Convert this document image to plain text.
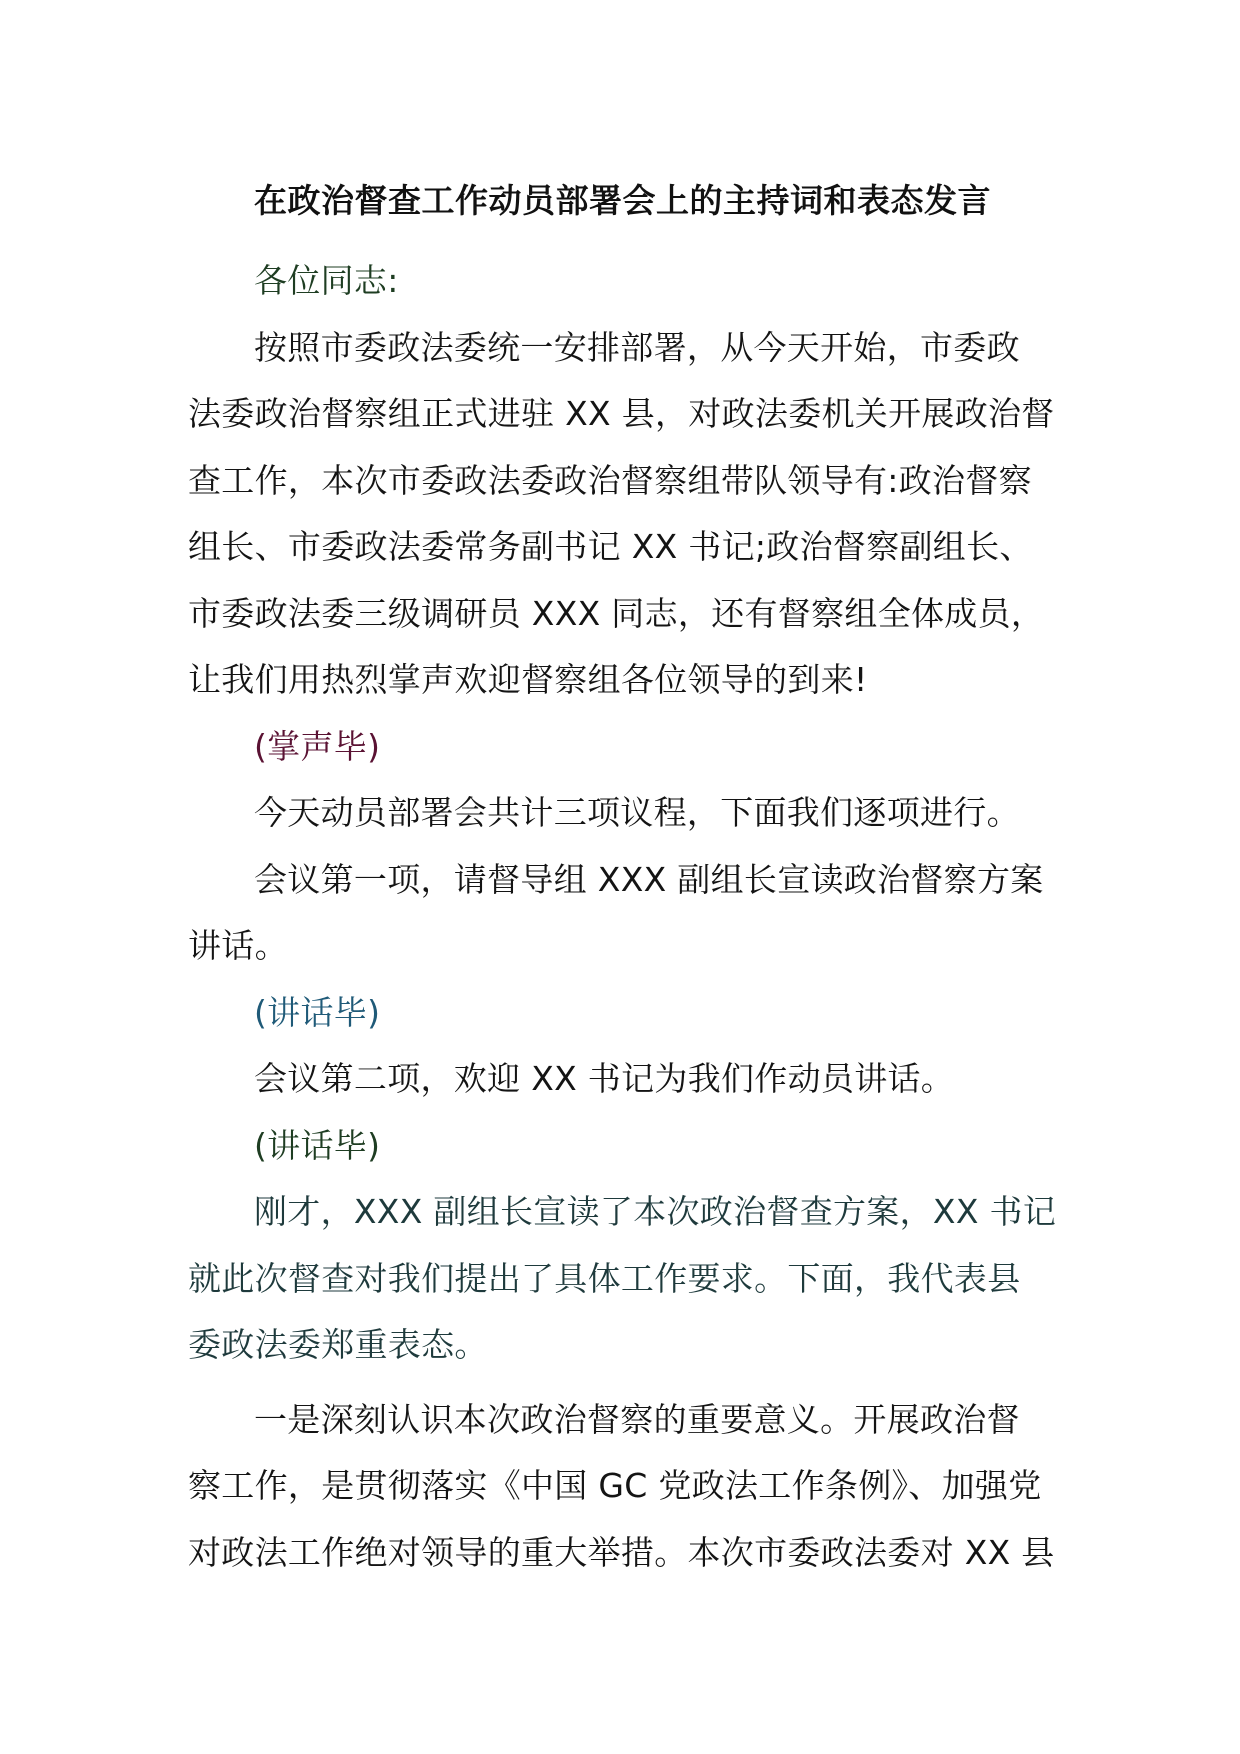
在政治督查工作动员部署会上的主持词和表态发言

各位同志:

按照市委政法委统一安排部署，从今天开始，市委政
法委政治督察组正式进驻 XX 县，对政法委机关开展政治督
查工作，本次市委政法委政治督察组带队领导有:政治督察
组长、市委政法委常务副书记 XX 书记;政治督察副组长、
市委政法委三级调研员 XXX 同志，还有督察组全体成员，
让我们用热烈掌声欢迎督察组各位领导的到来!

(掌声毕)

今天动员部署会共计三项议程，下面我们逐项进行。

会议第一项，请督导组 XXX 副组长宣读政治督察方案
讲话。

(讲话毕)

会议第二项，欢迎 XX 书记为我们作动员讲话。

(讲话毕)

刚才，XXX 副组长宣读了本次政治督查方案，XX 书记
就此次督查对我们提出了具体工作要求。下面，我代表县
委政法委郑重表态。

一是深刻认识本次政治督察的重要意义。开展政治督
察工作，是贯彻落实《中国 GC 党政法工作条例》、加强党
对政法工作绝对领导的重大举措。本次市委政法委对 XX 县
